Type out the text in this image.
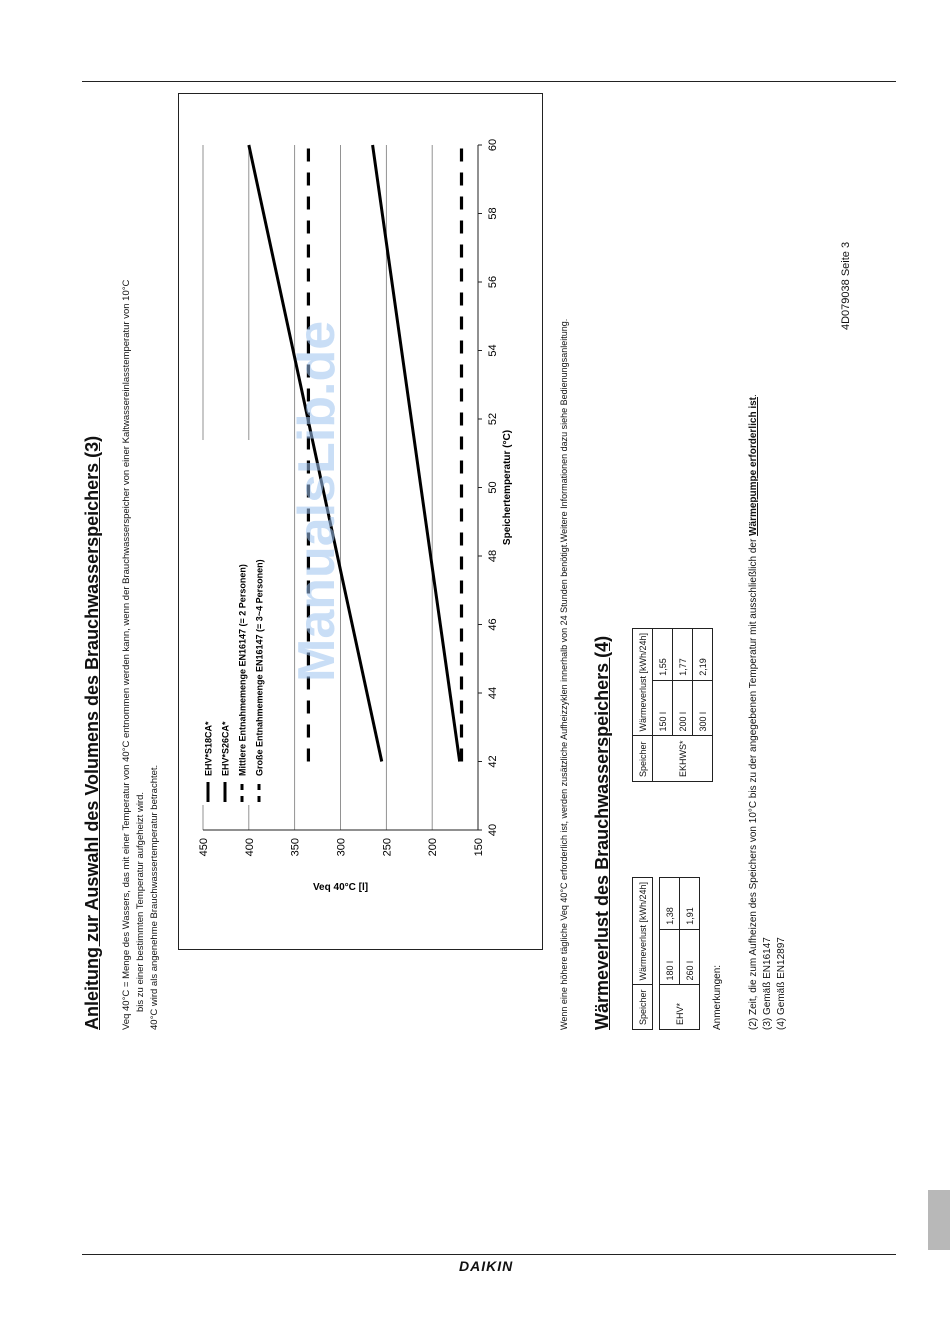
Anleitung zur Auswahl des Volumens des Brauchwasserspeichers (3) Veq 40°C = Menge des Wassers, das mit einer Temperatur von 40°C entnommen werden kann, wenn der Brauchwasserspeicher von einer Kaltwassereinlasstemperatur von 10°C bis zu einer bestimmten Temperatur aufgeheizt wird. 40°C wird als angenehme Brauchwassertemperatur betrachtet.	40
42
44
46
48
50
52
54
56
58
60
150
200
250
300
350
400
450
Speichertemperatur (°C)
Veq 40°C [l]
EHV*S18CA* EHV*S26CA* Mittlere Entnahmemenge EN16147 (= 2 Personen) Große Entnahmemenge EN16147 (= 3~4 Personen)	Wenn eine höhere tägliche Veq 40°C erforderlich ist, werden zusätzliche Aufheizzyklen innerhalb von 24 Stunden benötigt.Weitere Informationen dazu siehe Bedienungsanleitung. Wärmeverlust des Brauchwasserspeichers (4)	Speicher	Wärmeverlust [kWh/24h]	

EHV*	180 l	1,38
	260 l	1,91
Speicher	Wärmeverlust [kWh/24h]	
EKHWS*	150 l	1,55
	200 l	1,77
	300 l	2,19
Anmerkungen:	(2) Zeit, die zum Aufheizen des Speichers von 10°C bis zu der angegebenen Temperatur mit ausschließlich der Wärmepumpe erforderlich ist.
(3) Gemäß EN16147 (4) Gemäß EN12897
4D079038 Seite 3
ManualsLib.de
DAIKIN
